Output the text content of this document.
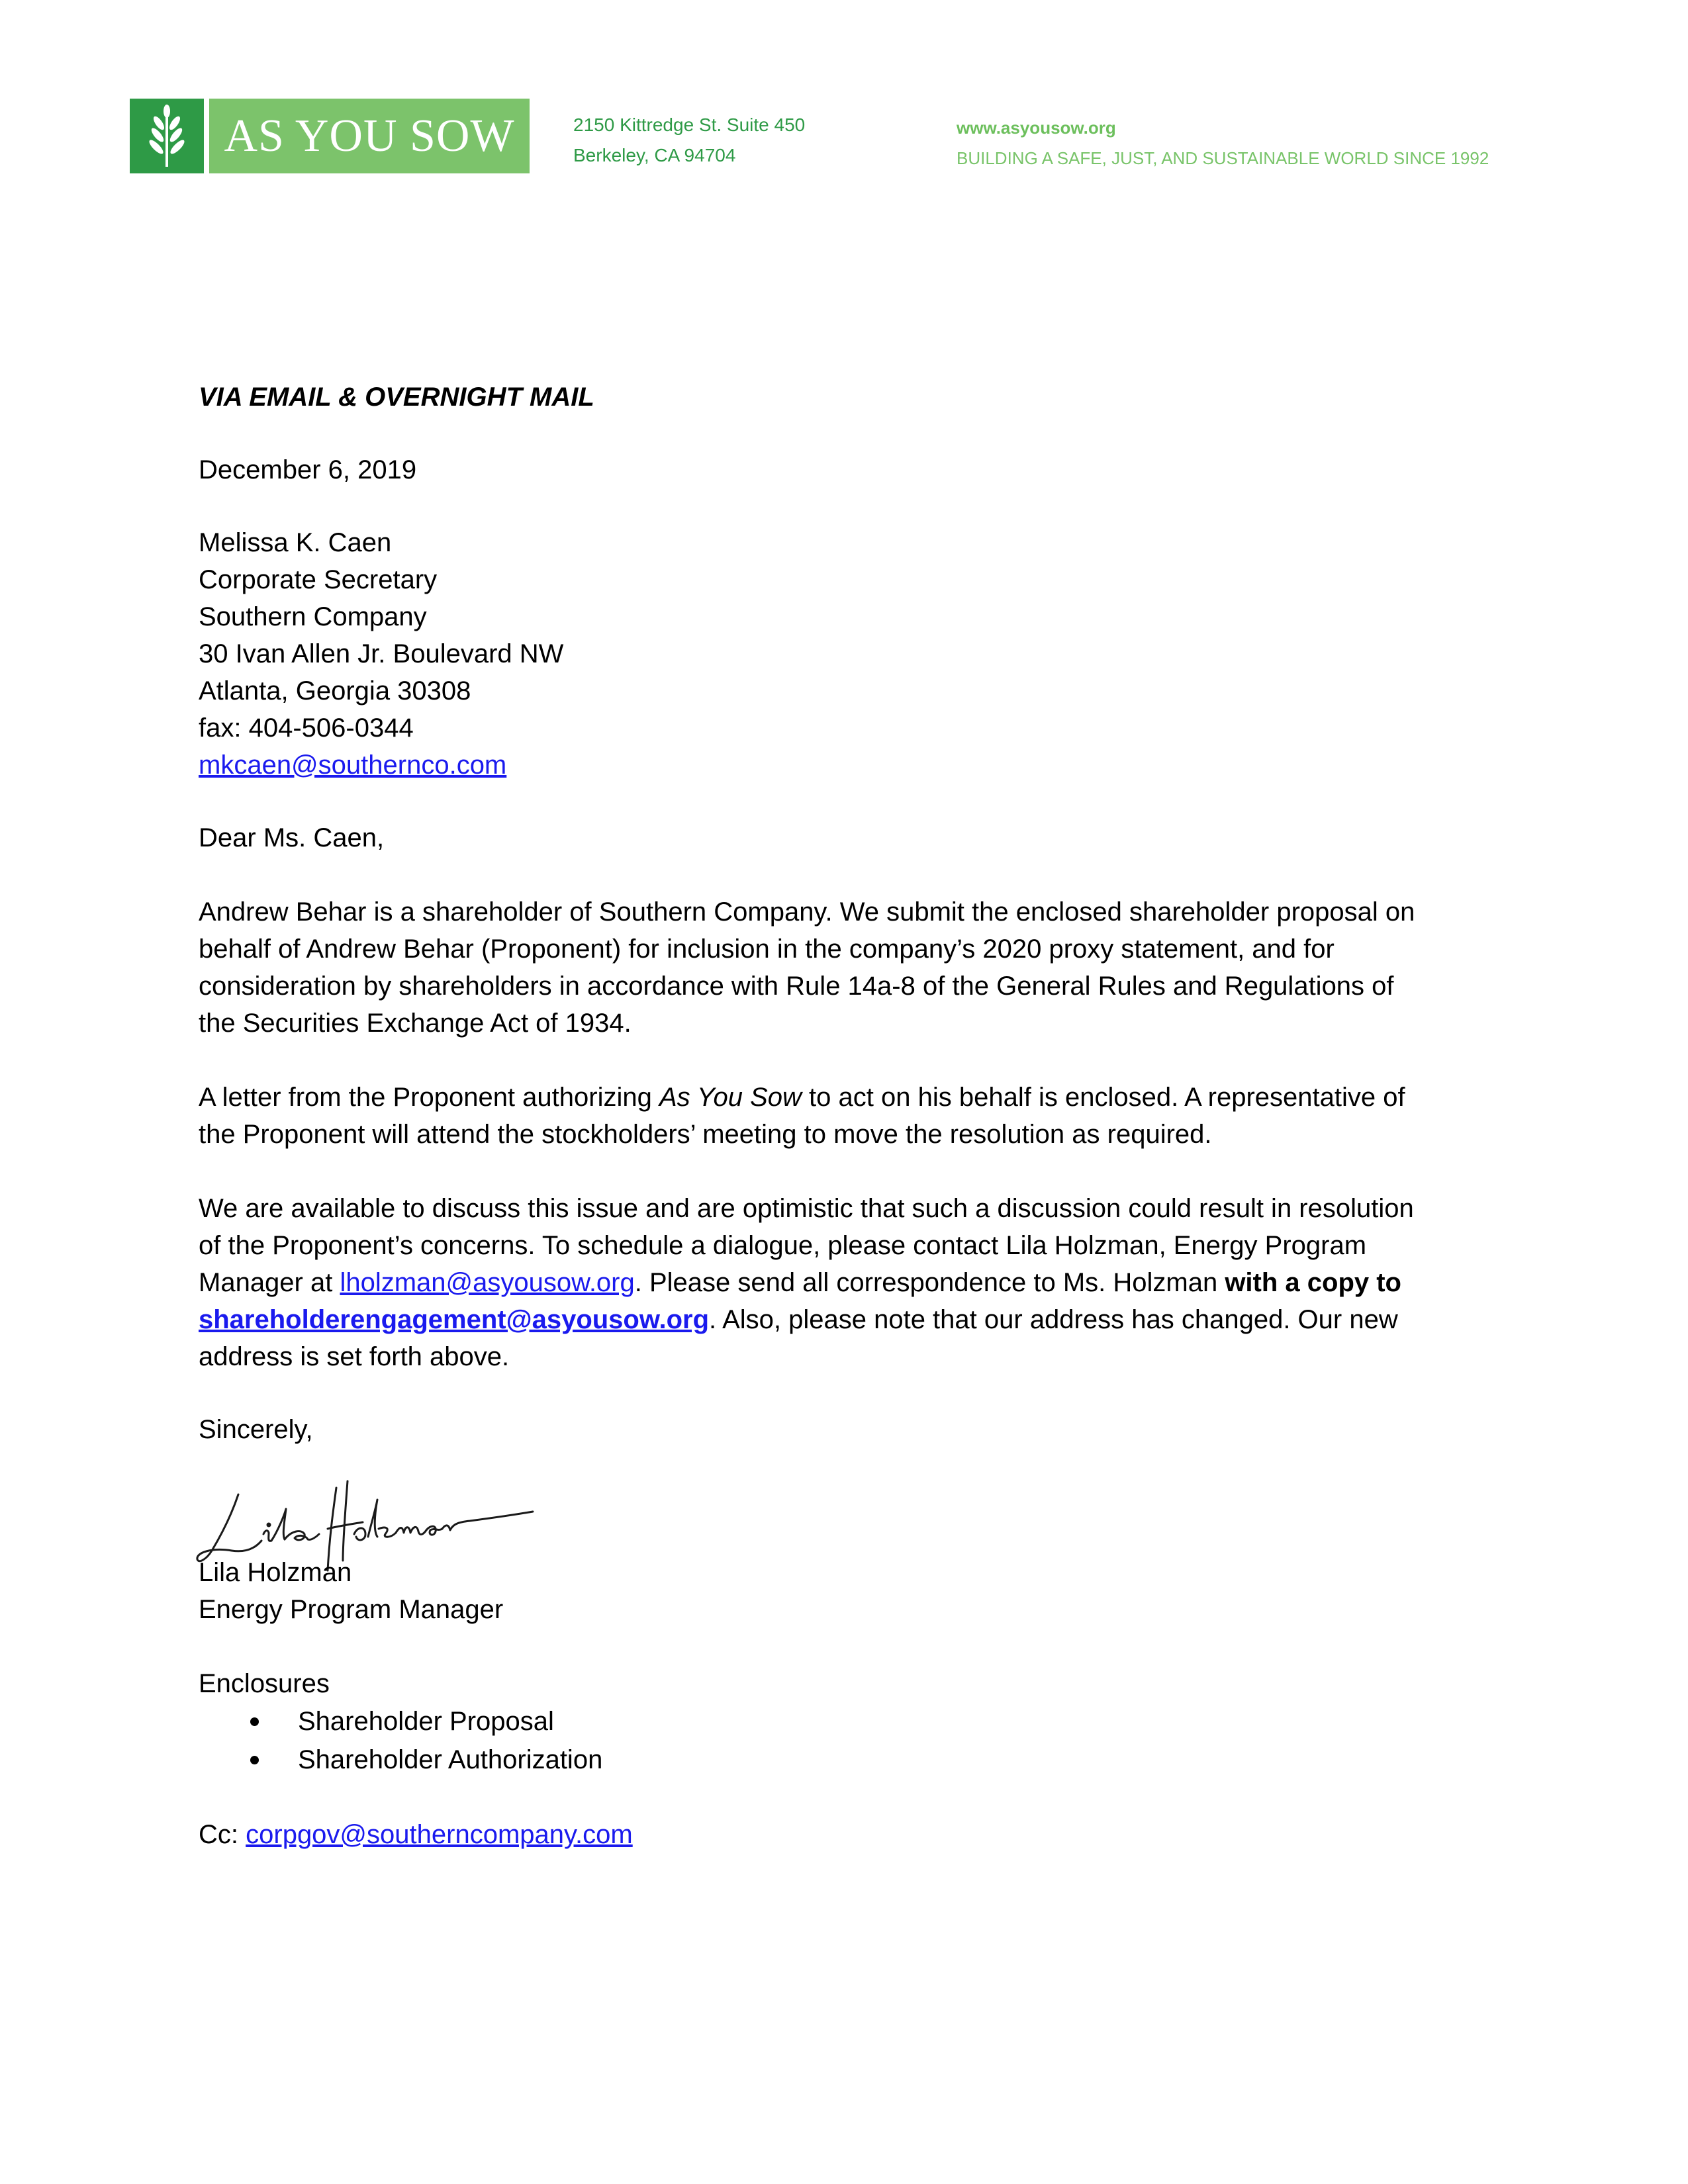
AS YOU SOW	2150 Kittredge St. Suite 450
Berkeley, CA 94704
www.asyousow.org
BUILDING A SAFE, JUST, AND SUSTAINABLE WORLD SINCE 1992
VIA EMAIL & OVERNIGHT MAIL
December 6, 2019
Melissa K. Caen
Corporate Secretary
Southern Company
30 Ivan Allen Jr. Boulevard NW
Atlanta, Georgia 30308
fax: 404-506-0344
mkcaen@southernco.com
Dear Ms. Caen,
Andrew Behar is a shareholder of Southern Company. We submit the enclosed shareholder proposal on
behalf of Andrew Behar (Proponent) for inclusion in the company’s 2020 proxy statement, and for
consideration by shareholders in accordance with Rule 14a-8 of the General Rules and Regulations of
the Securities Exchange Act of 1934.
A letter from the Proponent authorizing As You Sow to act on his behalf is enclosed. A representative of
the Proponent will attend the stockholders’ meeting to move the resolution as required.
We are available to discuss this issue and are optimistic that such a discussion could result in resolution
of the Proponent’s concerns. To schedule a dialogue, please contact Lila Holzman, Energy Program
Manager at lholzman@asyousow.org. Please send all correspondence to Ms. Holzman with a copy to
shareholderengagement@asyousow.org. Also, please note that our address has changed. Our new
address is set forth above.
Sincerely,
Lila Holzman
Energy Program Manager
Enclosures
Shareholder Proposal
Shareholder Authorization
Cc: corpgov@southerncompany.com
